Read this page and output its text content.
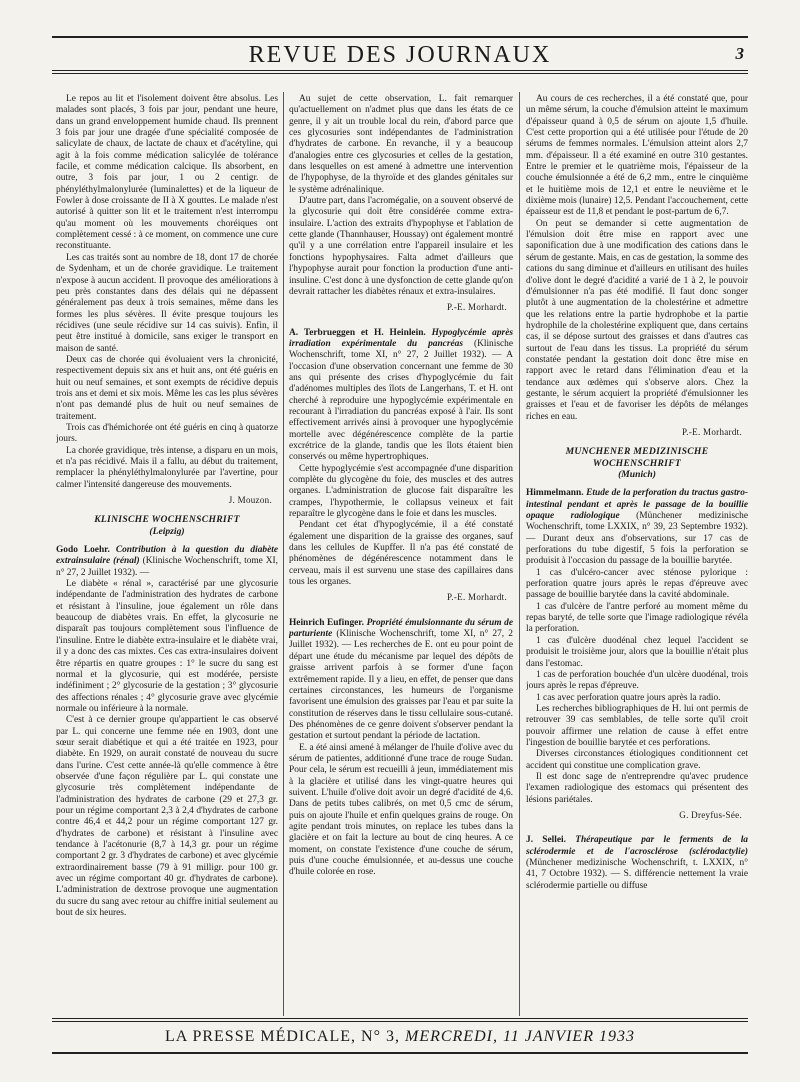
REVUE DES JOURNAUX	3

Le repos au lit et l'isolement doivent être absolus. Les malades sont placés, 3 fois par jour, pendant une heure, dans un grand enveloppement humide chaud. Ils prennent 3 fois par jour une dragée d'une spécialité composée de salicylate de chaux, de lactate de chaux et d'acétyline, qui agit à la fois comme médication salicylée de tolérance facile, et comme médication calcique. Ils absorbent, en outre, 3 fois par jour, 1 ou 2 centigr. de phényléthylmalonylurée (luminalettes) et de la liqueur de Fowler à dose croissante de II à X gouttes. Le malade n'est autorisé à quitter son lit et le traitement n'est interrompu qu'au moment où les mouvements choréiques ont complètement cessé : à ce moment, on commence une cure reconstituante.

Les cas traités sont au nombre de 18, dont 17 de chorée de Sydenham, et un de chorée gravidique. Le traitement n'expose à aucun accident. Il provoque des améliorations à peu près constantes dans des délais qui ne dépassent généralement pas deux à trois semaines, même dans les formes les plus sévères. Il évite presque toujours les récidives (une seule récidive sur 14 cas suivis). Enfin, il peut être institué à domicile, sans exiger le transport en maison de santé.

Deux cas de chorée qui évoluaient vers la chronicité, respectivement depuis six ans et huit ans, ont été guéris en huit ou neuf semaines, et sont exempts de récidive depuis trois ans et demi et six mois. Même les cas les plus sévères n'ont pas demandé plus de huit ou neuf semaines de traitement.

Trois cas d'hémichorée ont été guéris en cinq à quatorze jours.

La chorée gravidique, très intense, a disparu en un mois, et n'a pas récidivé. Mais il a fallu, au début du traitement, remplacer la phényléthylmalonylurée par l'avertine, pour calmer l'intensité dangereuse des mouvements.

J. Mouzon.
KLINISCHE WOCHENSCHRIFT
(Leipzig)

Godo Loehr. Contribution à la question du diabète extrainsulaire (rénal) (Klinische Wochenschrift, tome XI, n° 27, 2 Juillet 1932). —

Le diabète « rénal », caractérisé par une glycosurie indépendante de l'administration des hydrates de carbone et résistant à l'insuline, joue également un rôle dans beaucoup de diabètes vrais. En effet, la glycosurie ne disparaît pas toujours complètement sous l'influence de l'insuline. Entre le diabète extra-insulaire et le diabète vrai, il y a donc des cas mixtes. Ces cas extra-insulaires doivent être répartis en quatre groupes : 1° le sucre du sang est normal et la glycosurie, qui est modérée, persiste indéfiniment ; 2° glycosurie de la gestation ; 3° glycosurie des affections rénales ; 4° glycosurie grave avec glycémie normale ou inférieure à la normale.

C'est à ce dernier groupe qu'appartient le cas observé par L. qui concerne une femme née en 1903, dont une sœur serait diabétique et qui a été traitée en 1923, pour diabète. En 1929, on aurait constaté de nouveau du sucre dans l'urine. C'est cette année-là qu'elle commence à être observée d'une façon régulière par L. qui constate une glycosurie très complètement indépendante de l'administration des hydrates de carbone (29 et 27,3 gr. pour un régime comportant 2,3 à 2,4 d'hydrates de carbone contre 46,4 et 44,2 pour un régime comportant 127 gr. d'hydrates de carbone) et résistant à l'insuline avec tendance à l'acétonurie (8,7 à 14,3 gr. pour un régime comportant 2 gr. 3 d'hydrates de carbone) et avec glycémie extraordinairement basse (79 à 91 milligr. pour 100 gr. avec un régime comportant 40 gr. d'hydrates de carbone). L'administration de dextrose provoque une augmentation du sucre du sang avec retour au chiffre initial seulement au bout de six heures.

Au sujet de cette observation, L. fait remarquer qu'actuellement on n'admet plus que dans les états de ce genre, il y ait un trouble local du rein, d'abord parce que ces glycosuries sont indépendantes de l'administration d'hydrates de carbone. En revanche, il y a beaucoup d'analogies entre ces glycosuries et celles de la gestation, dans lesquelles on est amené à admettre une intervention de l'hypophyse, de la thyroïde et des glandes génitales sur le système adrénalinique.

D'autre part, dans l'acromégalie, on a souvent observé de la glycosurie qui doit être considérée comme extra-insulaire. L'action des extraits d'hypophyse et l'ablation de cette glande (Thannhauser, Houssay) ont également montré qu'il y a une corrélation entre l'appareil insulaire et les fonctions hypophysaires. Falta admet d'ailleurs que l'hypophyse aurait pour fonction la production d'une anti-insuline. C'est donc à une dysfonction de cette glande qu'on devrait rattacher les diabètes rénaux et extra-insulaires.

P.-E. Morhardt.

A. Terbrueggen et H. Heinlein. Hypoglycémie après irradiation expérimentale du pancréas (Klinische Wochenschrift, tome XI, n° 27, 2 Juillet 1932). — A l'occasion d'une observation concernant une femme de 30 ans qui présente des crises d'hypoglycémie du fait d'adénomes multiples des îlots de Langerhans, T. et H. ont cherché à reproduire une hypoglycémie expérimentale en recourant à l'irradiation du pancréas exposé à l'air. Ils sont effectivement arrivés ainsi à provoquer une hypoglycémie mortelle avec dégénérescence complète de la partie excrétrice de la glande, tandis que les îlots étaient bien conservés ou même hypertrophiques.

Cette hypoglycémie s'est accompagnée d'une disparition complète du glycogène du foie, des muscles et des autres organes. L'administration de glucose fait disparaître les crampes, l'hypothermie, le collapsus veineux et fait reparaître le glycogène dans le foie et dans les muscles.

Pendant cet état d'hypoglycémie, il a été constaté également une disparition de la graisse des organes, sauf dans les cellules de Kupffer. Il n'a pas été constaté de phénomènes de dégénérescence notamment dans le cerveau, mais il est survenu une stase des capillaires dans tous les organes.

P.-E. Morhardt.

Heinrich Eufinger. Propriété émulsionnante du sérum de parturiente (Klinische Wochenschrift, tome XI, n° 27, 2 Juillet 1932). — Les recherches de E. ont eu pour point de départ une étude du mécanisme par lequel des dépôts de graisse arrivent parfois à se former d'une façon extrêmement rapide. Il y a lieu, en effet, de penser que dans certaines circonstances, les humeurs de l'organisme favorisent une émulsion des graisses par l'eau et par suite la constitution de réserves dans le tissu cellulaire sous-cutané. Des phénomènes de ce genre doivent s'observer pendant la gestation et surtout pendant la période de lactation.

E. a été ainsi amené à mélanger de l'huile d'olive avec du sérum de patientes, additionné d'une trace de rouge Sudan. Pour cela, le sérum est recueilli à jeun, immédiatement mis à la glacière et utilisé dans les vingt-quatre heures qui suivent. L'huile d'olive doit avoir un degré d'acidité de 4,6. Dans de petits tubes calibrés, on met 0,5 cmc de sérum, puis on ajoute l'huile et enfin quelques grains de rouge. On agite pendant trois minutes, on replace les tubes dans la glacière et on fait la lecture au bout de cinq heures. A ce moment, on constate l'existence d'une couche de sérum, puis d'une couche émulsionnée, et au-dessus une couche d'huile colorée en rose.

Au cours de ces recherches, il a été constaté que, pour un même sérum, la couche d'émulsion atteint le maximum d'épaisseur quand à 0,5 de sérum on ajoute 1,5 d'huile. C'est cette proportion qui a été utilisée pour l'étude de 20 sérums de femmes normales. L'émulsion atteint alors 2,7 mm. d'épaisseur. Il a été examiné en outre 310 gestantes. Entre le premier et le quatrième mois, l'épaisseur de la couche émulsionnée a été de 6,2 mm., entre le cinquième et le huitième mois de 12,1 et entre le neuvième et le dixième mois (lunaire) 12,5. Pendant l'accouchement, cette épaisseur est de 11,8 et pendant le post-partum de 6,7.

On peut se demander si cette augmentation de l'émulsion doit être mise en rapport avec une saponification due à une modification des cations dans le sérum de gestante. Mais, en cas de gestation, la somme des cations du sang diminue et d'ailleurs en utilisant des huiles d'olive dont le degré d'acidité a varié de 1 à 2, le pouvoir d'émulsionner n'a pas été modifié. Il faut donc songer plutôt à une augmentation de la cholestérine et admettre que les relations entre la partie hydrophobe et la partie hydrophile de la cholestérine expliquent que, dans certains cas, il se dépose surtout des graisses et dans d'autres cas surtout de l'eau dans les tissus. La propriété du sérum constatée pendant la gestation doit donc être mise en rapport avec le retard dans l'élimination d'eau et la tendance aux œdèmes qui s'observe alors. Chez la gestante, le sérum acquiert la propriété d'émulsionner les graisses et l'eau et de favoriser les dépôts de mélanges riches en eau.

P.-E. Morhardt.
MUNCHENER MEDIZINISCHE WOCHENSCHRIFT
(Munich)

Himmelmann. Etude de la perforation du tractus gastro-intestinal pendant et après le passage de la bouillie opaque radiologique (Münchener medizinische Wochenschrift, tome LXXIX, n° 39, 23 Septembre 1932). — Durant deux ans d'observations, sur 17 cas de perforations du tube digestif, 5 fois la perforation se produisit à l'occasion du passage de la bouillie barytée.

1 cas d'ulcéro-cancer avec sténose pylorique : perforation quatre jours après le repas d'épreuve avec passage de bouillie barytée dans la cavité abdominale.

1 cas d'ulcère de l'antre perforé au moment même du repas baryté, de telle sorte que l'image radiologique révéla la perforation.

1 cas d'ulcère duodénal chez lequel l'accident se produisit le troisième jour, alors que la bouillie n'était plus dans l'estomac.

1 cas de perforation bouchée d'un ulcère duodénal, trois jours après le repas d'épreuve.

1 cas avec perforation quatre jours après la radio.

Les recherches bibliographiques de H. lui ont permis de retrouver 39 cas semblables, de telle sorte qu'il croit pouvoir affirmer une relation de cause à effet entre l'ingestion de bouillie barytée et ces perforations.

Diverses circonstances étiologiques conditionnent cet accident qui constitue une complication grave.

Il est donc sage de n'entreprendre qu'avec prudence l'examen radiologique des estomacs qui présentent des lésions pariétales.

G. Dreyfus-Sée.

J. Sellei. Thérapeutique par le ferments de la sclérodermie et de l'acrosclérose (sclérodactylie) (Münchener medizinische Wochenschrift, t. LXXIX, n° 41, 7 Octobre 1932). — S. différencie nettement la vraie sclérodermie partielle ou diffuse

LA PRESSE MÉDICALE, N° 3, MERCREDI, 11 JANVIER 1933
